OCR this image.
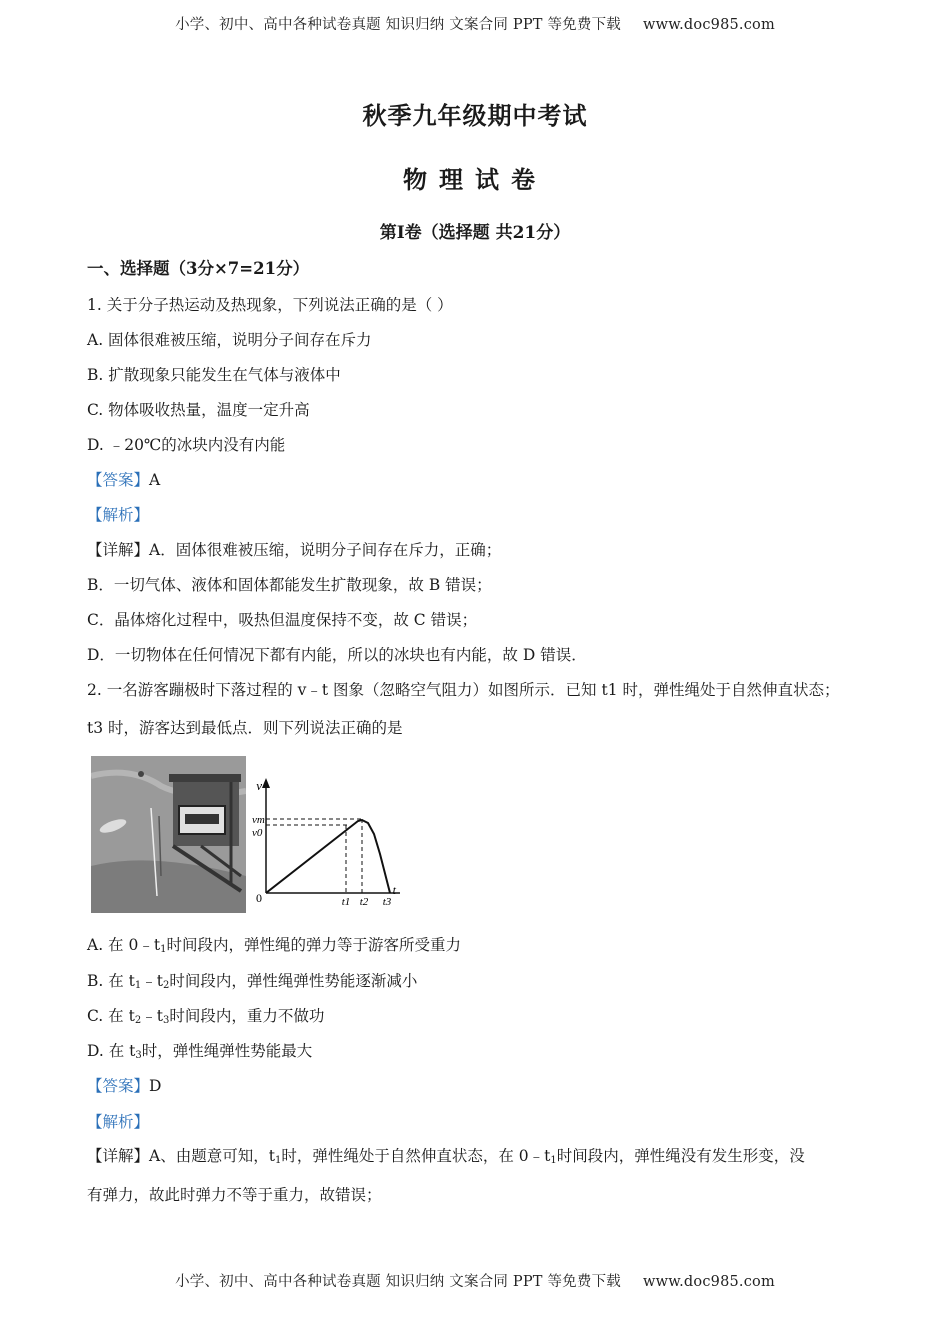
小学、初中、高中各种试卷真题 知识归纳 文案合同 PPT 等免费下载 www.doc985.com
秋季九年级期中考试
物理试卷
第Ⅰ卷（选择题 共21分）
一、选择题（3分×7=21分）
1. 关于分子热运动及热现象，下列说法正确的是（ ）
A. 固体很难被压缩，说明分子间存在斥力
B. 扩散现象只能发生在气体与液体中
C. 物体吸收热量，温度一定升高
D. ﹣20℃的冰块内没有内能
【答案】A
【解析】
【详解】A．固体很难被压缩，说明分子间存在斥力，正确；
B．一切气体、液体和固体都能发生扩散现象，故 B 错误；
C．晶体熔化过程中，吸热但温度保持不变，故 C 错误；
D．一切物体在任何情况下都有内能，所以的冰块也有内能，故 D 错误．
2. 一名游客蹦极时下落过程的 v﹣t 图象（忽略空气阻力）如图所示．已知 t1 时，弹性绳处于自然伸直状态；
t3 时，游客达到最低点．则下列说法正确的是
v
vm
v0
0
t
t1 t2 t3
A. 在 $0﹣t_1$时间段内，弹性绳的弹力等于游客所受重力
B. 在 $t_1﹣t_2$时间段内，弹性绳弹性势能逐渐减小
C. 在 $t_2﹣t_3$时间段内，重力不做功
D. 在 $t_3$时，弹性绳弹性势能最大
【答案】D
【解析】
【详解】A、由题意可知，$t_1$时，弹性绳处于自然伸直状态，在 $0﹣t_1$时间段内，弹性绳没有发生形变，没
有弹力，故此时弹力不等于重力，故错误；
小学、初中、高中各种试卷真题 知识归纳 文案合同 PPT 等免费下载 www.doc985.com
